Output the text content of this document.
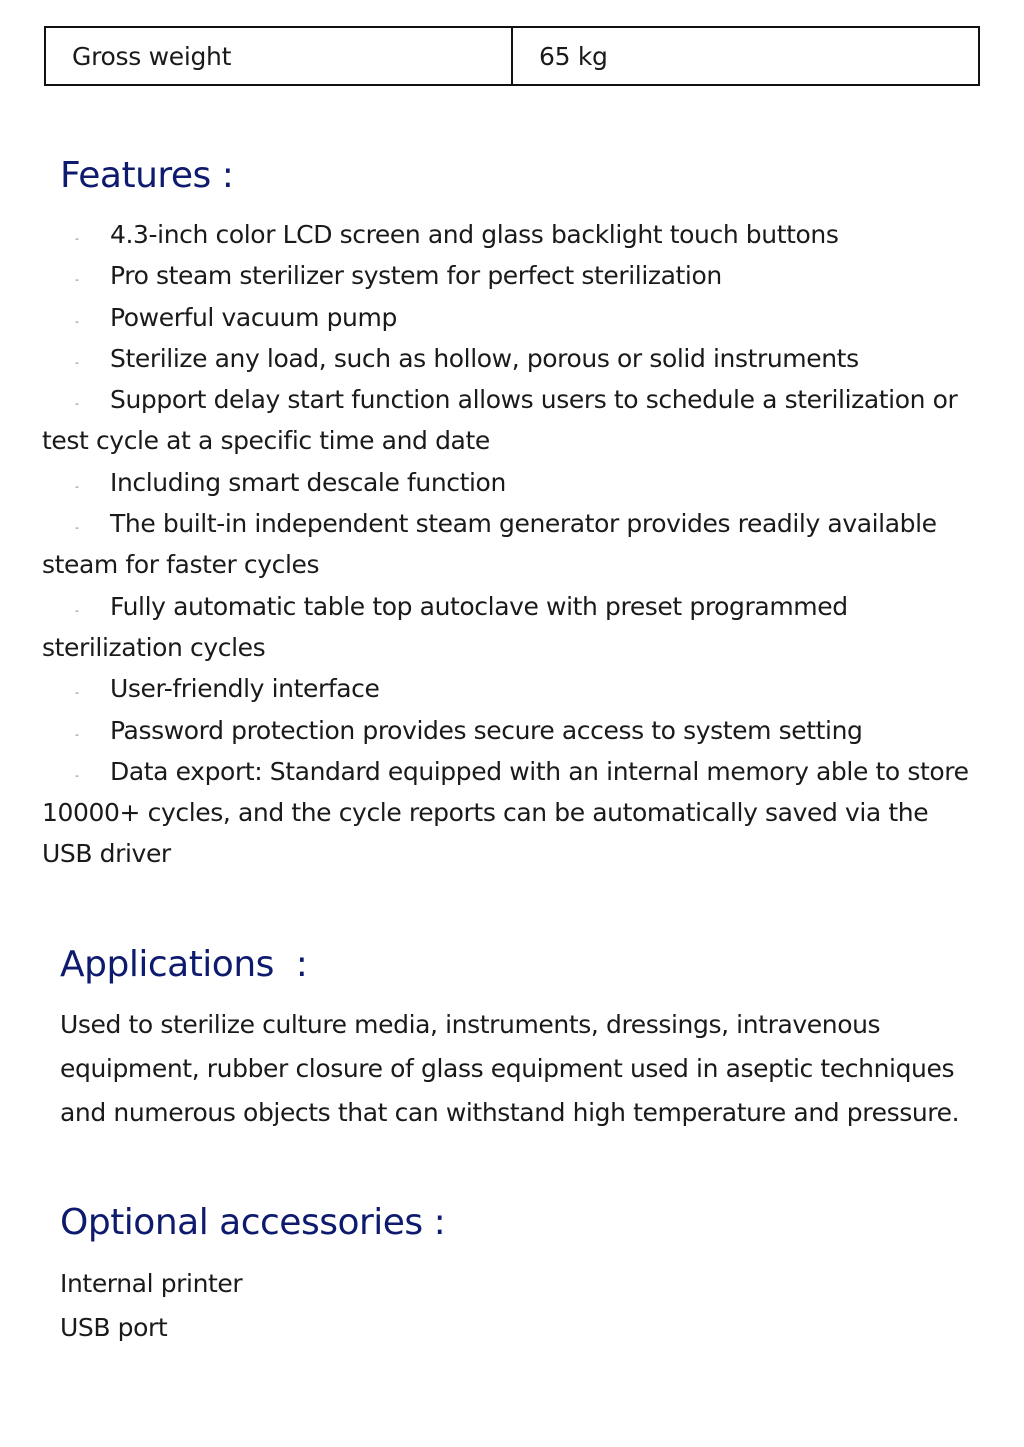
Gross weight	65 kg
Features :
- 4.3-inch color LCD screen and glass backlight touch buttons
- Pro steam sterilizer system for perfect sterilization
- Powerful vacuum pump
- Sterilize any load, such as hollow, porous or solid instruments
- Support delay start function allows users to schedule a sterilization or test cycle at a specific time and date
- Including smart descale function
- The built-in independent steam generator provides readily available steam for faster cycles
- Fully automatic table top autoclave with preset programmed sterilization cycles
- User-friendly interface
- Password protection provides secure access to system setting
- Data export: Standard equipped with an internal memory able to store 10000+ cycles, and the cycle reports can be automatically saved via the USB driver
Applications  :

Used to sterilize culture media, instruments, dressings, intravenous equipment, rubber closure of glass equipment used in aseptic techniques and numerous objects that can withstand high temperature and pressure.

Optional accessories :
Internal printer
USB port
